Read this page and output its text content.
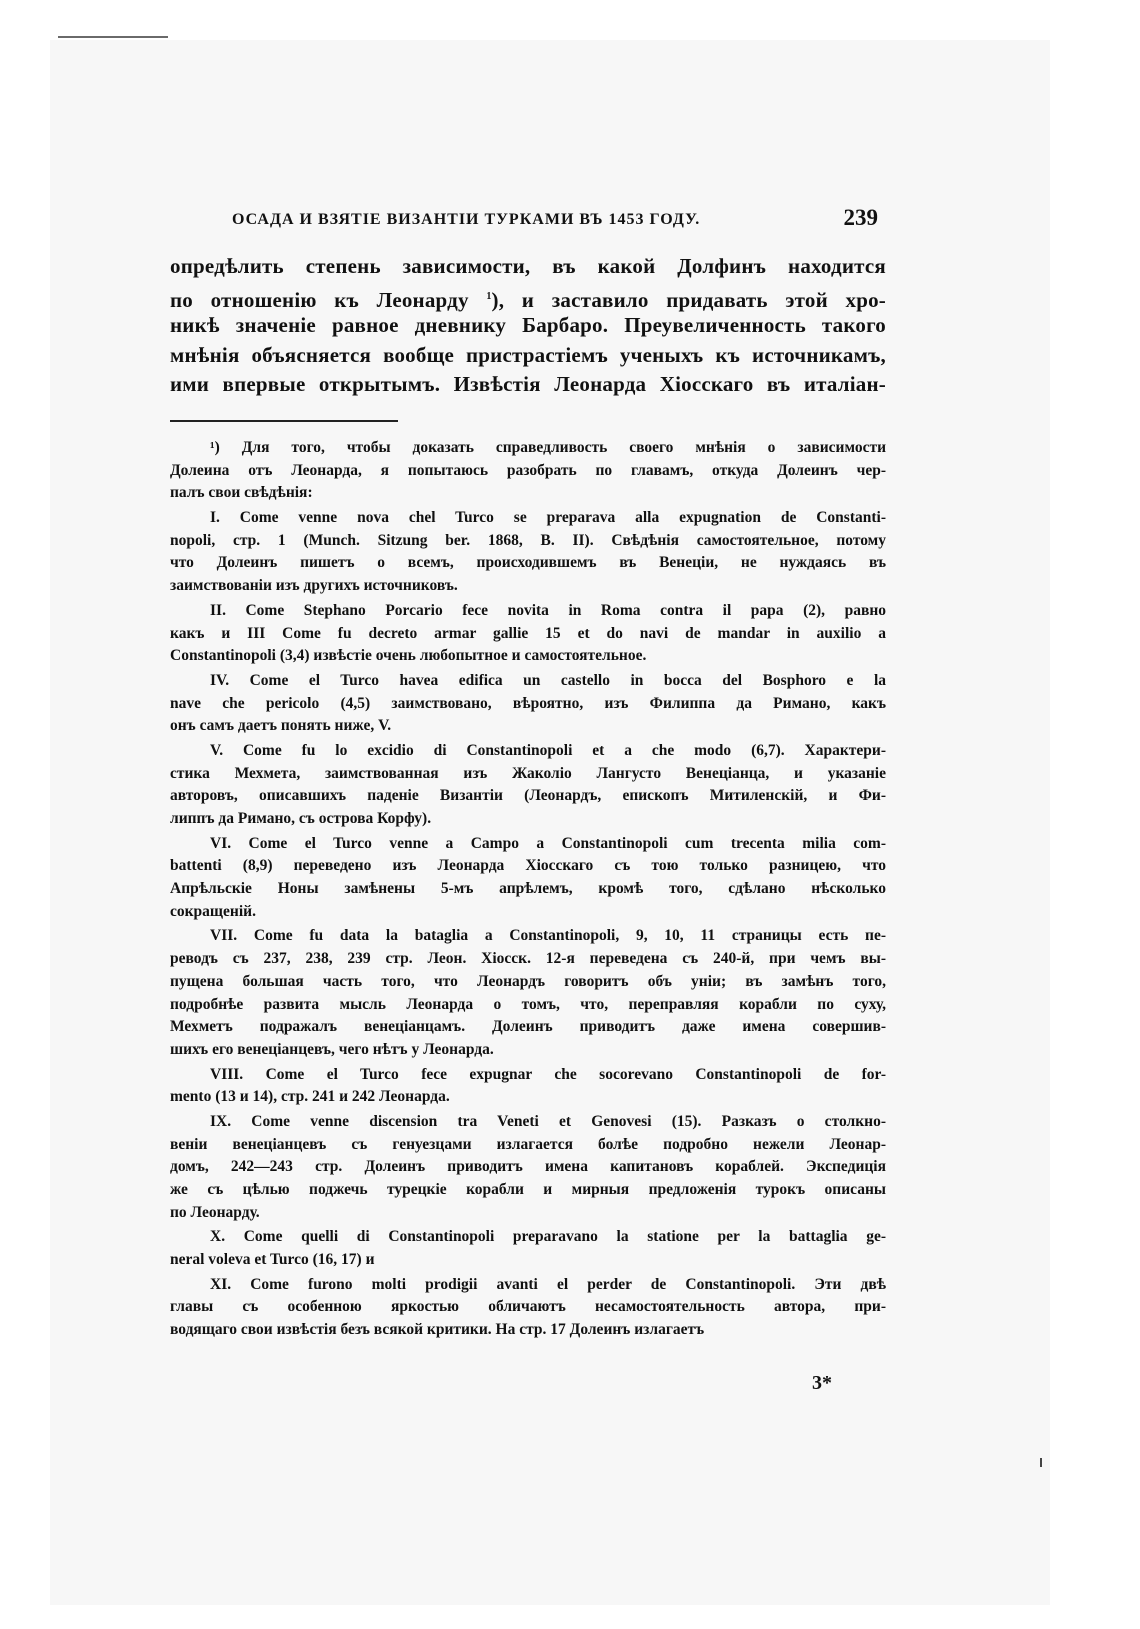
ОСАДА И ВЗЯТІЕ ВИЗАНТІИ ТУРКАМИ ВЪ 1453 ГОДУ.	239
опредѣлить степень зависимости, въ какой Долфинъ находится
по отношенію къ Леонарду $^1$), и заставило придавать этой хро-
никѣ значеніе равное дневнику Барбаро. Преувеличенность такого
мнѣнія объясняется вообще пристрастіемъ ученыхъ къ источникамъ,
ими впервые открытымъ. Извѣстія Леонарда Хіосскаго въ италіан-
¹) Для того, чтобы доказать справедливость своего мнѣнія о зависимости
Долеина отъ Леонарда, я попытаюсь разобрать по главамъ, откуда Долеинъ чер-
палъ свои свѣдѣнія:
I. Come venne nova chel Turco se preparava alla expugnation de Constanti-
nopoli, стр. 1 (Munch. Sitzung ber. 1868, B. II). Свѣдѣнія самостоятельное, потому
что Долеинъ пишетъ о всемъ, происходившемъ въ Венеціи, не нуждаясь въ
заимствованіи изъ другихъ источниковъ.
II. Come Stephano Porcario fece novita in Roma contra il papa (2), равно
какъ и III Come fu decreto armar gallie 15 et do navi de mandar in auxilio a
Constantinopoli (3,4) извѣстіе очень любопытное и самостоятельное.
IV. Come el Turco havea edifica un castello in bocca del Bosphoro e la
nave che pericolo (4,5) заимствовано, вѣроятно, изъ Филиппа да Римано, какъ
онъ самъ даетъ понять ниже, V.
V. Come fu lo excidio di Constantinopoli et a che modo (6,7). Характери-
стика Мехмета, заимствованная изъ Жаколіо Лангусто Венеціанца, и указаніе
авторовъ, описавшихъ паденіе Византіи (Леонардъ, епископъ Митиленскій, и Фи-
липпъ да Римано, съ острова Корфу).
VI. Come el Turco venne a Campo a Constantinopoli cum trecenta milia com-
battenti (8,9) переведено изъ Леонарда Хіосскаго съ тою только разницею, что
Апрѣльскіе Ноны замѣнены 5-мъ апрѣлемъ, кромѣ того, сдѣлано нѣсколько
сокращеній.
VII. Come fu data la bataglia a Constantinopoli, 9, 10, 11 страницы есть пе-
реводъ съ 237, 238, 239 стр. Леон. Хіосск. 12-я переведена съ 240-й, при чемъ вы-
пущена большая часть того, что Леонардъ говоритъ объ уніи; въ замѣнъ того,
подробнѣе развита мысль Леонарда о томъ, что, переправляя корабли по суху,
Мехметъ подражалъ венеціанцамъ. Долеинъ приводитъ даже имена совершив-
шихъ его венеціанцевъ, чего нѣтъ у Леонарда.
VIII. Come el Turco fece expugnar che socorevano Constantinopoli de for-
mento (13 и 14), стр. 241 и 242 Леонарда.
IX. Come venne discension tra Veneti et Genovesi (15). Разказъ о столкно-
веніи венеціанцевъ съ генуезцами излагается болѣе подробно нежели Леонар-
домъ, 242—243 стр. Долеинъ приводитъ имена капитановъ кораблей. Экспедиція
же съ цѣлью поджечь турецкіе корабли и мирныя предложенія турокъ описаны
по Леонарду.
X. Come quelli di Constantinopoli preparavano la statione per la battaglia ge-
neral voleva et Turco (16, 17) и
XI. Come furono molti prodigii avanti el perder de Constantinopoli. Эти двѣ
главы съ особенною яркостью обличаютъ несамостоятельность автора, при-
водящаго свои извѣстія безъ всякой критики. На стр. 17 Долеинъ излагаетъ
3*
